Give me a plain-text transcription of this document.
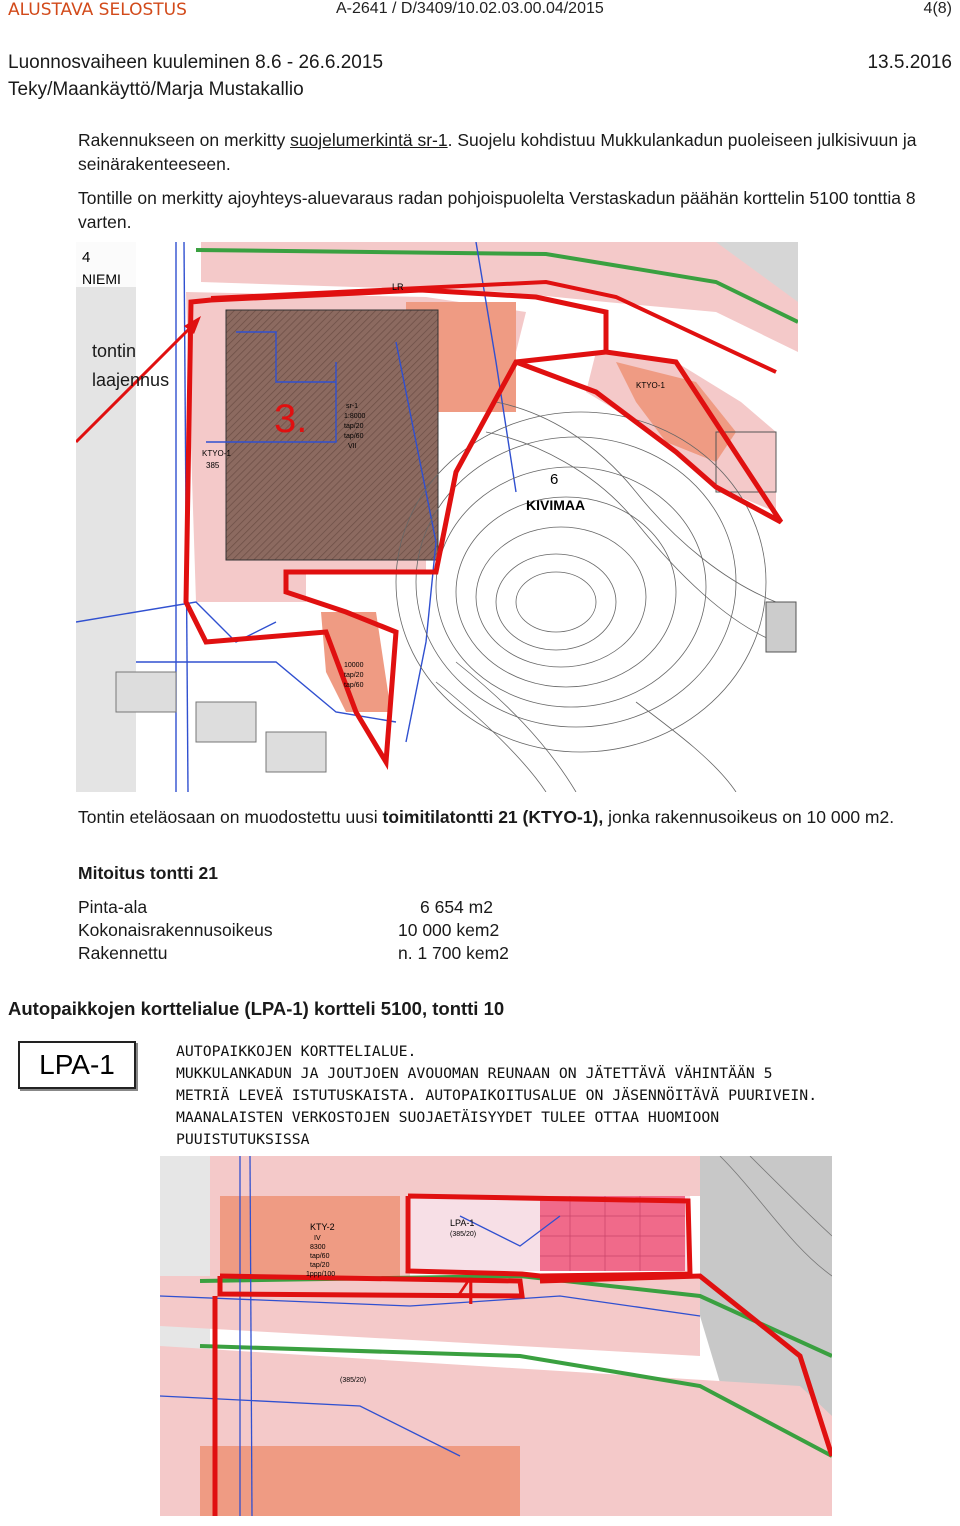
ALUSTAVA SELOSTUS	A-2641 / D/3409/10.02.03.00.04/2015	4(8)
Luonnosvaiheen kuuleminen 8.6 - 26.6.2015	13.5.2016
Teky/Maankäyttö/Marja Mustakallio
Rakennukseen on merkitty suojelumerkintä sr-1. Suojelu kohdistuu Mukkulankadun puoleiseen julkisivuun ja seinärakenteeseen.
Tontille on merkitty ajoyhteys-aluevaraus radan pohjoispuolelta Verstaskadun päähän korttelin 5100 tonttia 8 varten.
4
NIEMI	LR
tontin
laajennus
3.
6
KIVIMAA
KTYO-1
385
KTYO-1
sr-1
1:8000
tap/20
tap/60
VII
10000
tap/20
tap/60
Tontin eteläosaan on muodostettu uusi toimitilatontti 21 (KTYO-1), jonka rakennusoikeus on 10 000 m2.
Mitoitus tontti 21
Pinta-ala	6 654 m2
Kokonaisrakennusoikeus	10 000 kem2
Rakennettu	n. 1 700 kem2
Autopaikkojen korttelialue (LPA-1) kortteli 5100, tontti 10
LPA-1	AUTOPAIKKOJEN KORTTELIALUE.
MUKKULANKADUN JA JOUTJOEN AVOUOMAN REUNAAN ON JÄTETTÄVÄ VÄHINTÄÄN 5
METRIÄ LEVEÄ ISTUTUSKAISTA. AUTOPAIKOITUSALUE ON JÄSENNÖITÄVÄ PUURIVEIN.
MAANALAISTEN VERKOSTOJEN SUOJAETÄISYYDET TULEE OTTAA HUOMIOON
PUUISTUTUKSISSA
KTY-2
IV
8300
tap/60
tap/20
1ppp/100
LPA-1
(385/20)
4
(385/20)
